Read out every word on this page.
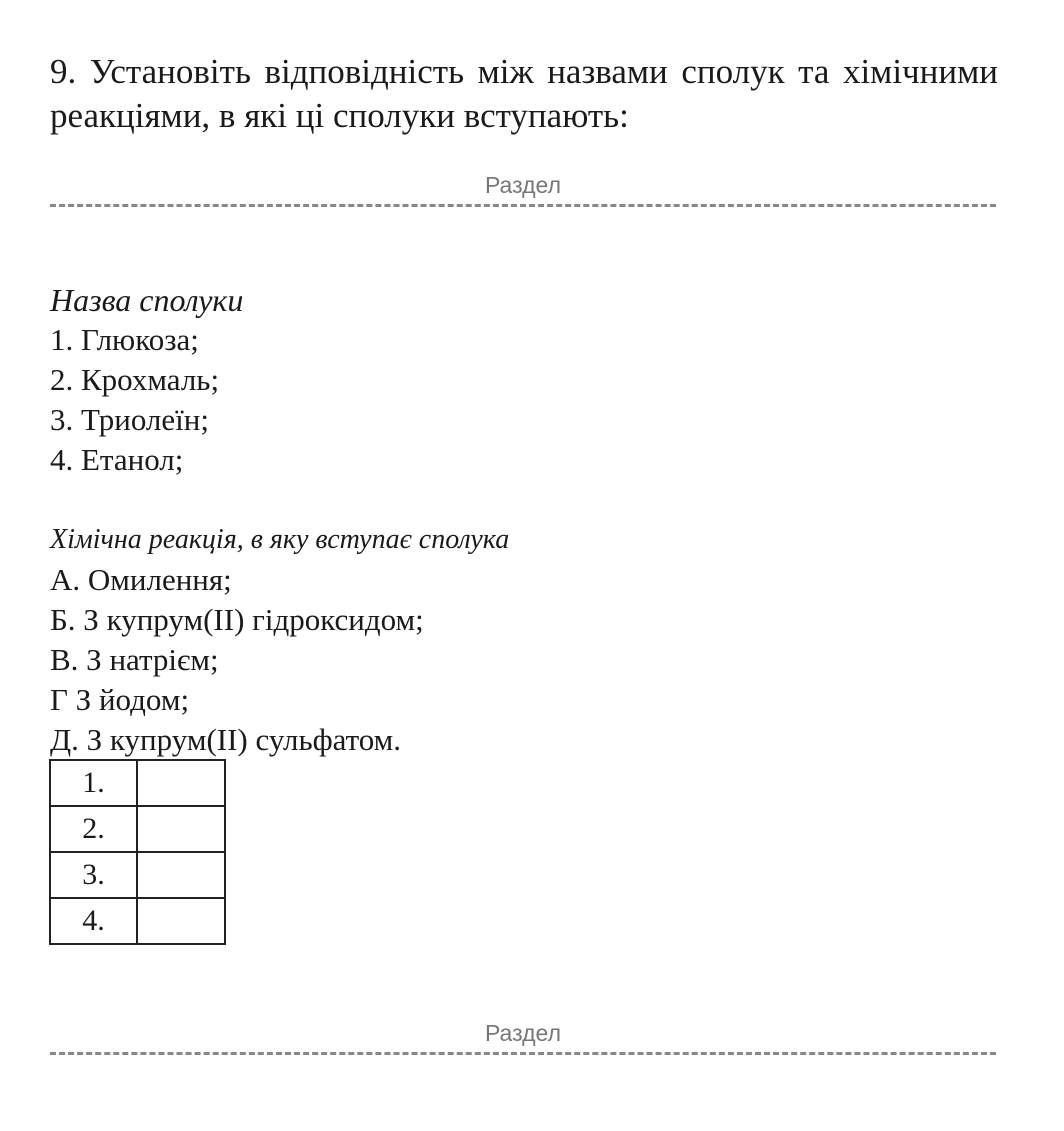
9. Установіть відповідність між назвами сполук та хімічними реакціями, в які ці сполуки вступають:

Раздел
Назва сполуки
1. Глюкоза;
2. Крохмаль;
3. Триолеїн;
4. Етанол;
Хімічна реакція, в яку вступає сполука
А. Омилення;
Б. З купрум(ІІ) гідроксидом;
В. З натрієм;
Г З йодом;
Д. З купрум(ІІ) сульфатом.
1.	
2.	
3.	
4.	
Раздел
